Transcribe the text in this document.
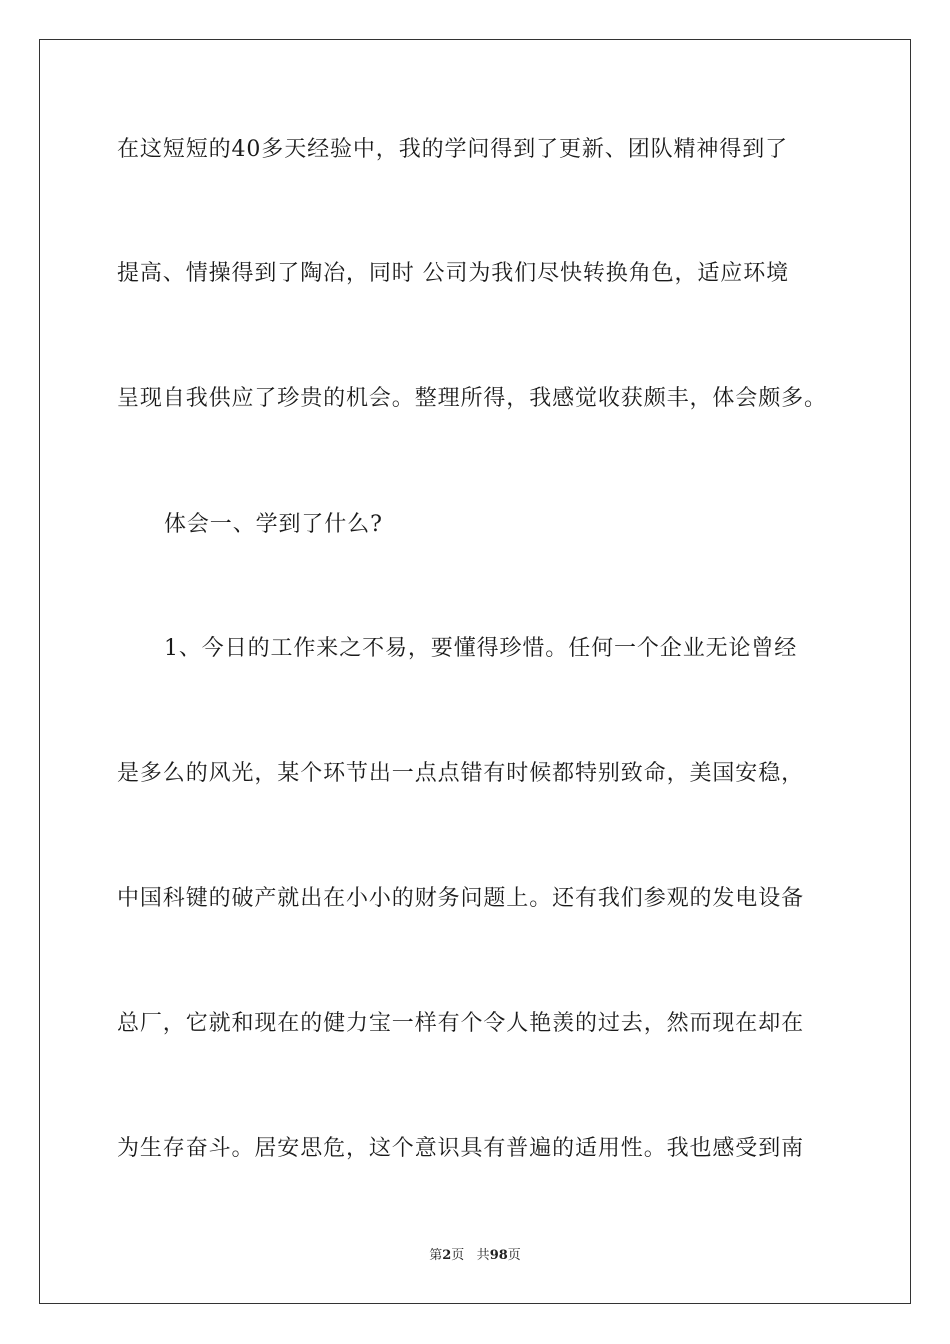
在这短短的40多天经验中，我的学问得到了更新、团队精神得到了
提高、情操得到了陶冶，同时 公司为我们尽快转换角色，适应环境
呈现自我供应了珍贵的机会。整理所得，我感觉收获颇丰，体会颇多。
体会一、学到了什么?
1、今日的工作来之不易，要懂得珍惜。任何一个企业无论曾经
是多么的风光，某个环节出一点点错有时候都特别致命，美国安稳，
中国科键的破产就出在小小的财务问题上。还有我们参观的发电设备
总厂，它就和现在的健力宝一样有个令人艳羡的过去，然而现在却在
为生存奋斗。居安思危，这个意识具有普遍的适用性。我也感受到南
第2页 共98页
